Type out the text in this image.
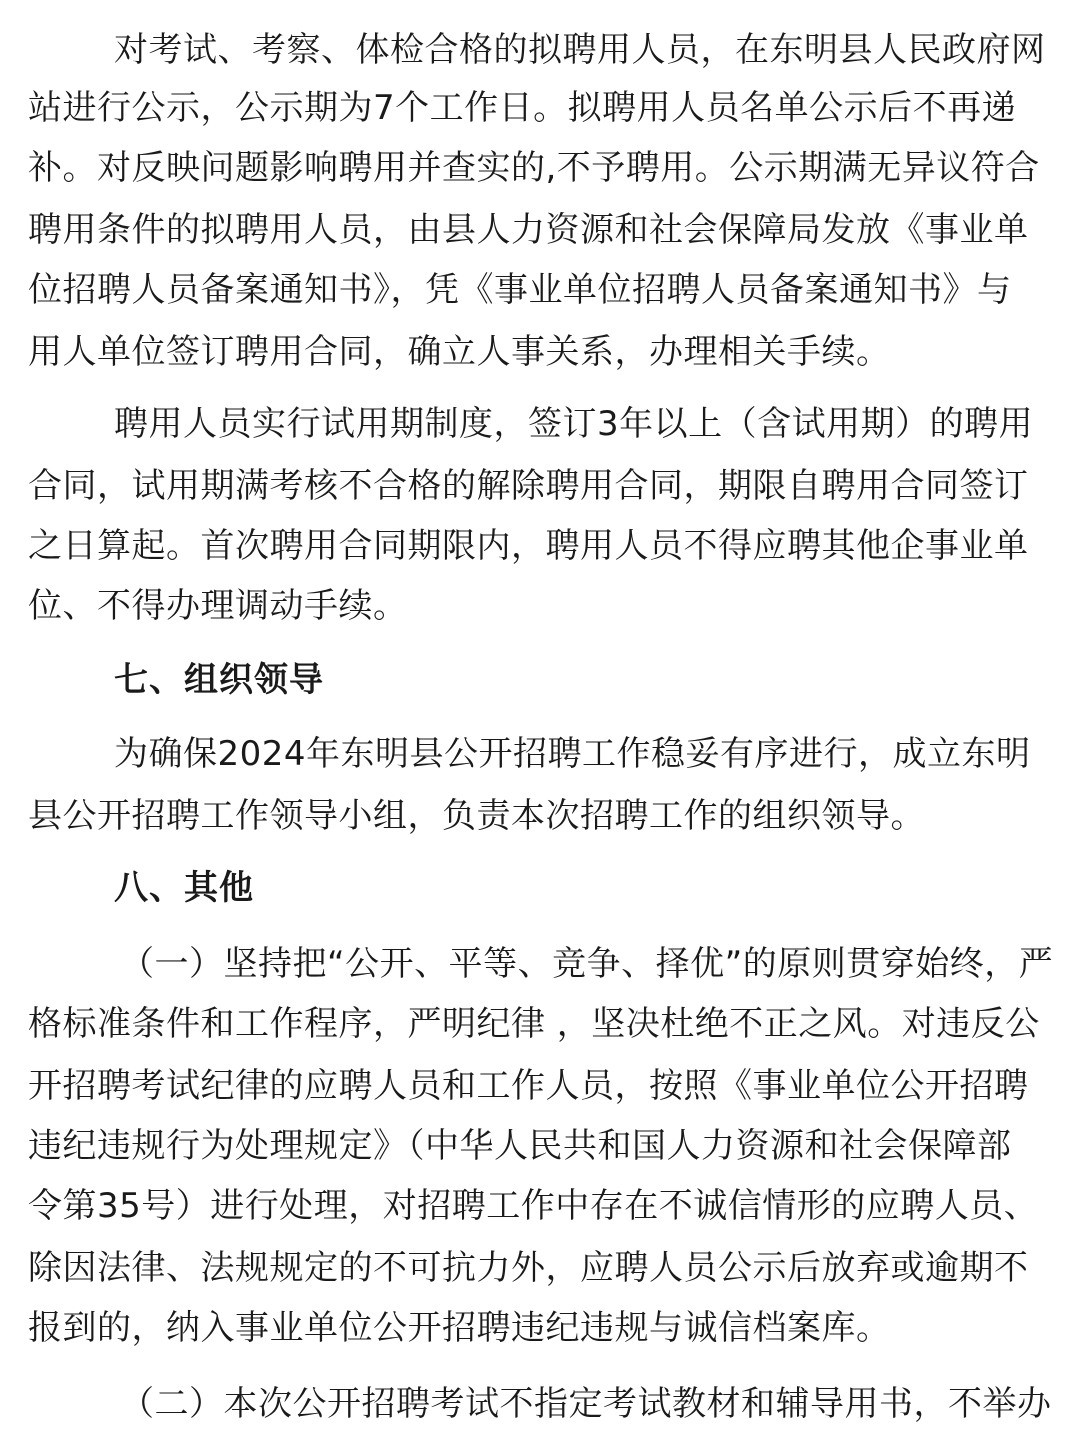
对考试、考察、体检合格的拟聘用人员，在东明县人民政府网
站进行公示，公示期为7个工作日。拟聘用人员名单公示后不再递
补。对反映问题影响聘用并查实的,不予聘用。公示期满无异议符合
聘用条件的拟聘用人员，由县人力资源和社会保障局发放《事业单
位招聘人员备案通知书》，凭《事业单位招聘人员备案通知书》与
用人单位签订聘用合同，确立人事关系，办理相关手续。
聘用人员实行试用期制度，签订3年以上（含试用期）的聘用
合同，试用期满考核不合格的解除聘用合同，期限自聘用合同签订
之日算起。首次聘用合同期限内，聘用人员不得应聘其他企事业单
位、不得办理调动手续。
七、组织领导
为确保2024年东明县公开招聘工作稳妥有序进行，成立东明
县公开招聘工作领导小组，负责本次招聘工作的组织领导。
八、其他
（一）坚持把“公开、平等、竞争、择优”的原则贯穿始终，严
格标准条件和工作程序，严明纪律 ，坚决杜绝不正之风。对违反公
开招聘考试纪律的应聘人员和工作人员，按照《事业单位公开招聘
违纪违规行为处理规定》（中华人民共和国人力资源和社会保障部
令第35号）进行处理，对招聘工作中存在不诚信情形的应聘人员、
除因法律、法规规定的不可抗力外，应聘人员公示后放弃或逾期不
报到的，纳入事业单位公开招聘违纪违规与诚信档案库。
（二）本次公开招聘考试不指定考试教材和辅导用书，不举办
